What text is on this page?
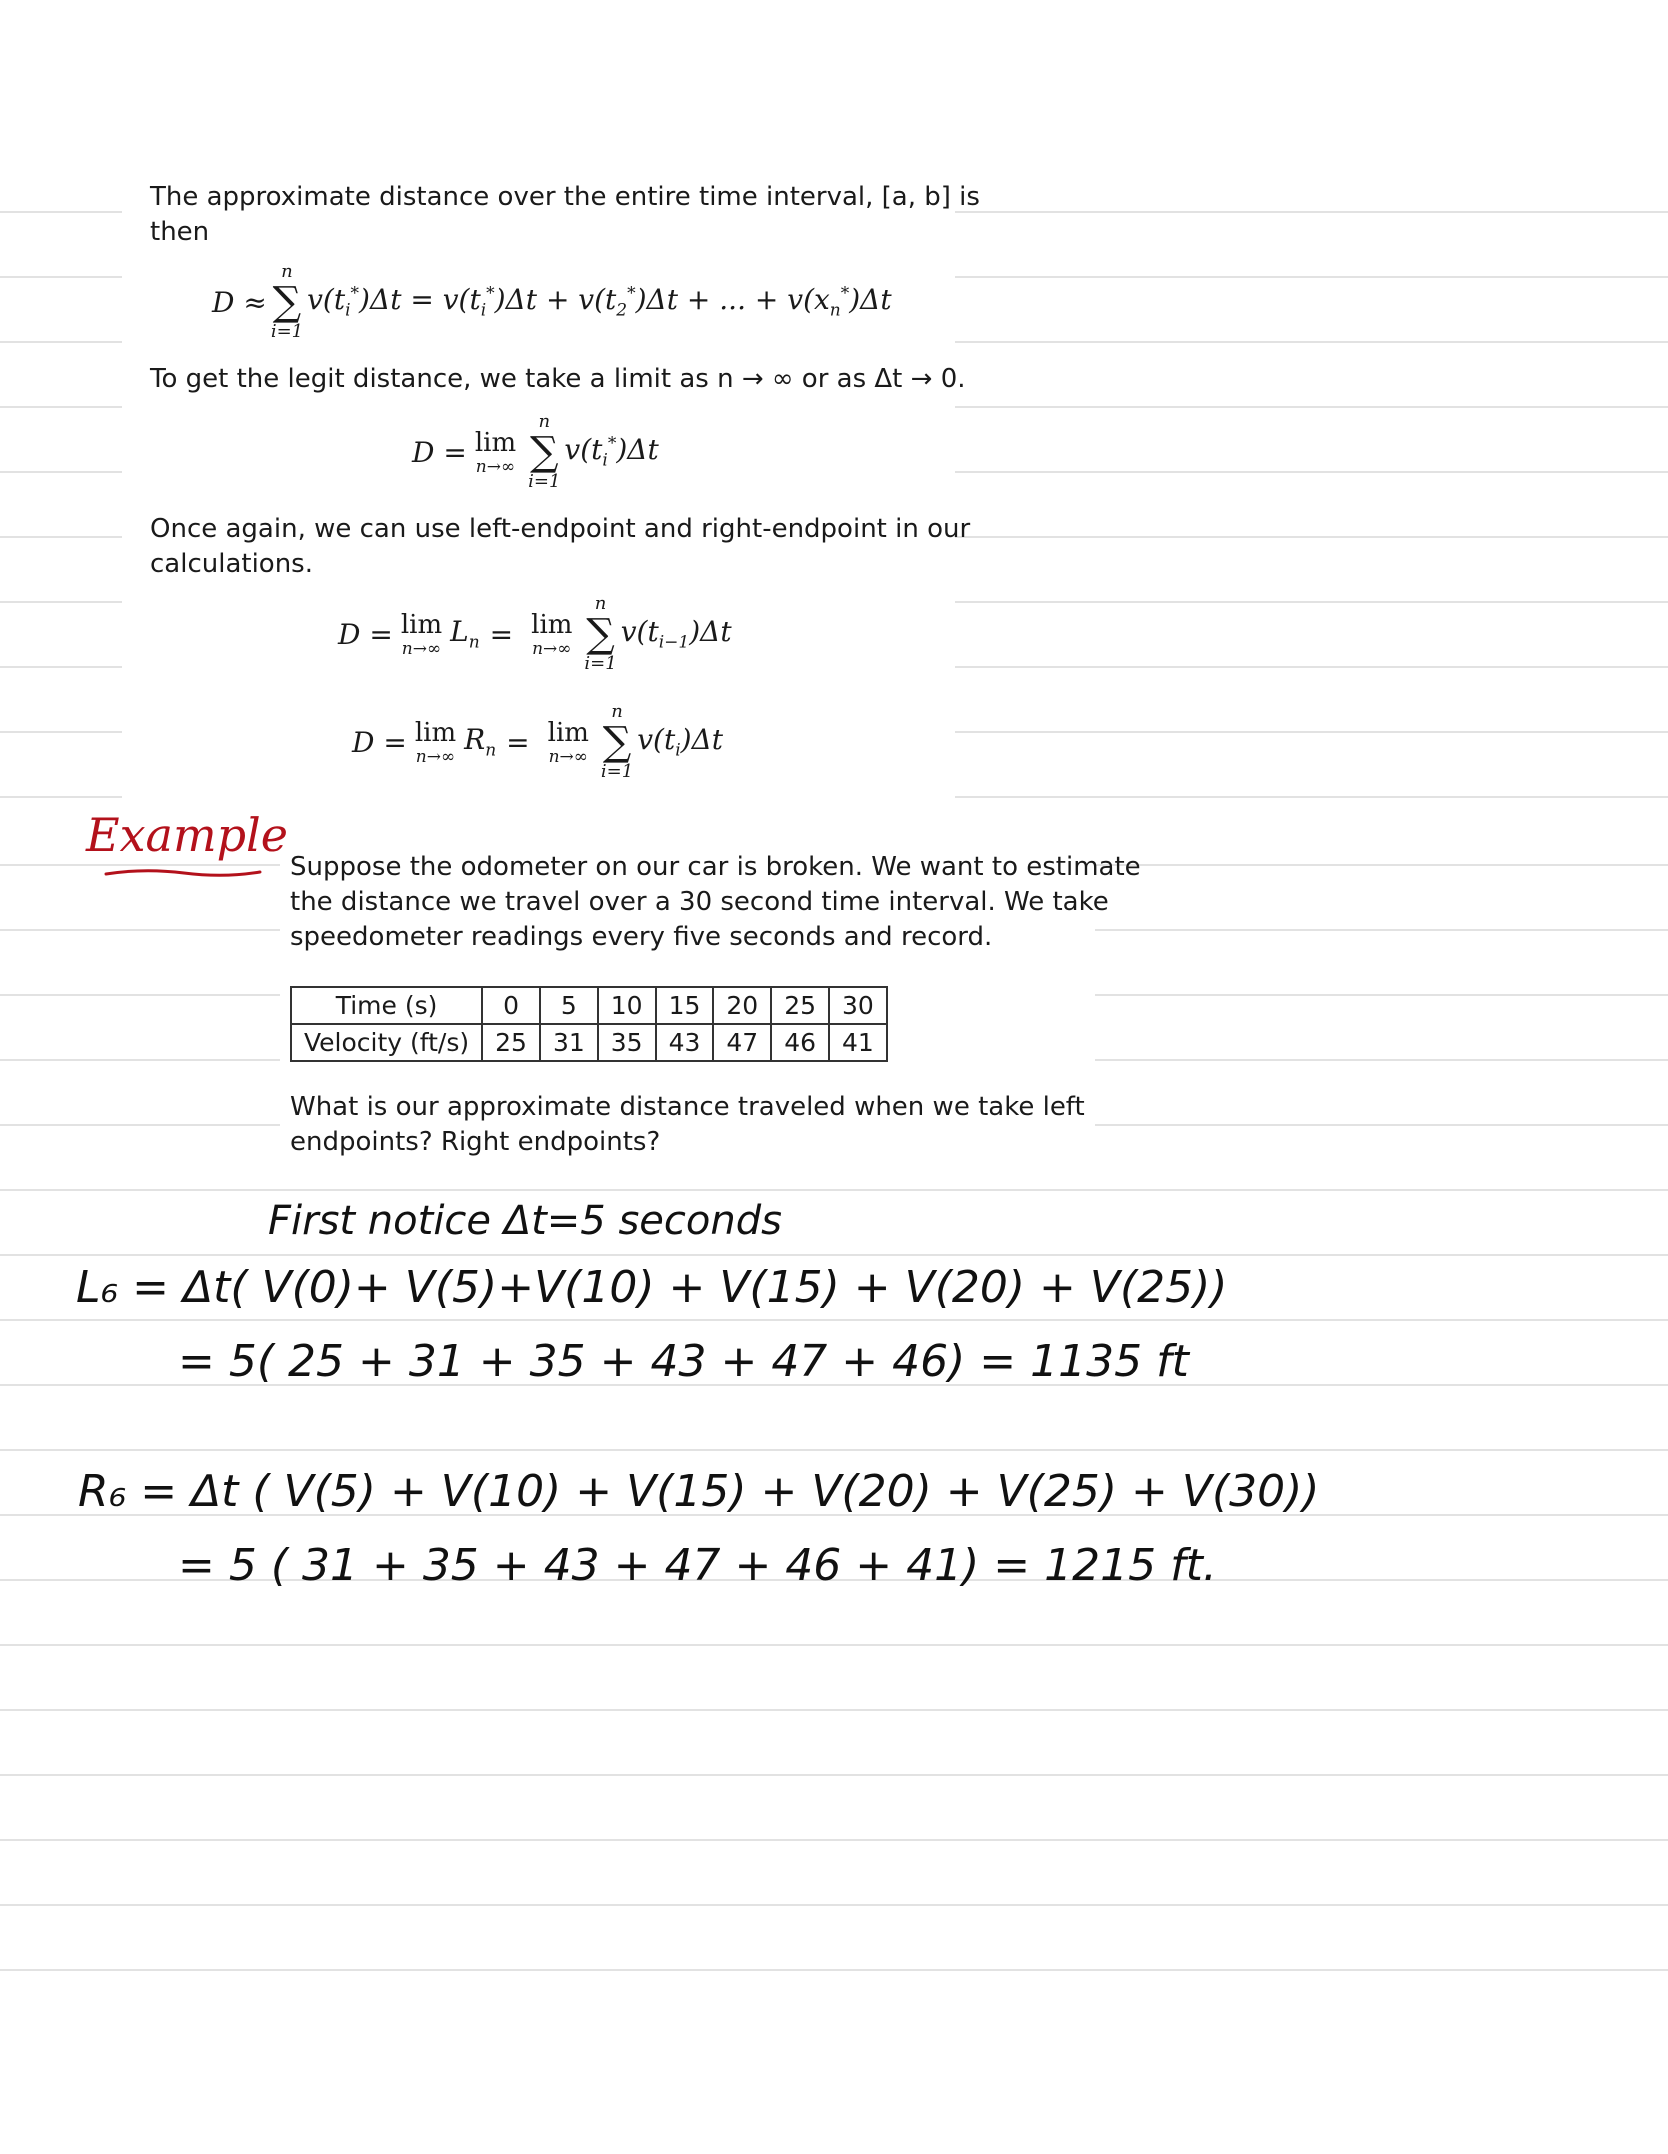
The approximate distance over the entire time interval, [a, b] is
then
D ≈
n
∑
i=1
$v(t_i^*)\Delta t = v(t_i^*)\Delta t + v(t_2^*)\Delta t$ + ... + $v(x_n^*)\Delta t$
To get the legit distance, we take a limit as n → ∞ or as Δt → 0.
D = lim
n→∞
n
∑
i=1
$v(t_i^*)\Delta t$
Once again, we can use left-endpoint and right-endpoint in our
calculations.
D = lim
n→∞
$L_n = \lim$
n→∞
n
∑
i=1
$v(t_{i-1})\Delta t$
D = lim
n→∞
$R_n = \lim$
n→∞
n
∑
i=1
$v(t_i)\Delta t$
Example
Suppose the odometer on our car is broken. We want to estimate
the distance we travel over a 30 second time interval. We take
speedometer readings every five seconds and record.
Time (s)	0	5	10	15	20	25	30
Velocity (ft/s)	25	31	35	43	47	46	41
What is our approximate distance traveled when we take left
endpoints? Right endpoints?
First notice Δt=5 seconds
L₆ = Δt( V(0)+ V(5)+V(10) + V(15) + V(20) + V(25))
= 5( 25 + 31 + 35 + 43 + 47 + 46) = 1135 ft
R₆ = Δt ( V(5) + V(10) + V(15) + V(20) + V(25) + V(30))
= 5 ( 31 + 35 + 43 + 47 + 46 + 41) = 1215 ft.
